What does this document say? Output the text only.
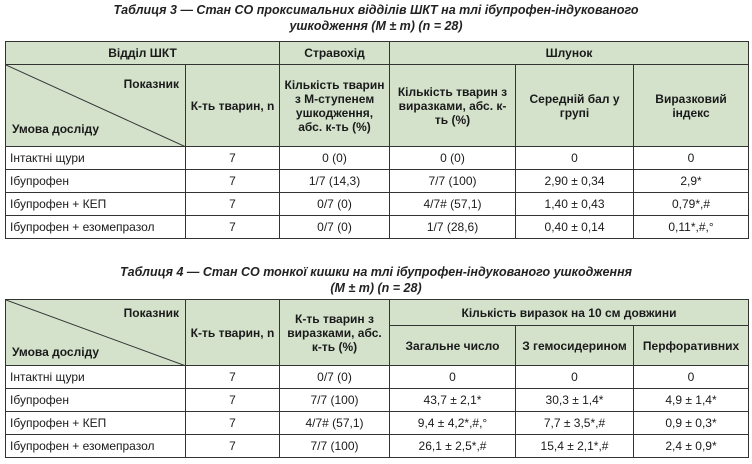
Таблиця 3 — Стан СО проксимальних відділів ШКТ на тлі ібупрофен-індукованого
ушкодження (M ± m) (n = 28)
Відділ ШКТ		Стравохід	Шлунок		

Показник
Умова досліду	К-ть тварин, n	Кількість тварин з М-ступенем ушкодження, абс. к-ть (%)	Кількість тварин з виразками, абс. к-ть (%)	Середній бал у групі	Виразковий індекс
Інтактні щури	7	0 (0)	0 (0)	0	0
Ібупрофен	7	1/7 (14,3)	7/7 (100)	2,90 ± 0,34	2,9*
Ібупрофен + КЕП	7	0/7 (0)	4/7# (57,1)	1,40 ± 0,43	0,79*,#
Ібупрофен + езомепразол	7	0/7 (0)	1/7 (28,6)	0,40 ± 0,14	0,11*,#,°
Таблиця 4 — Стан СО тонкої кишки на тлі ібупрофен-індукованого ушкодження
(M ± m) (n = 28)
Показник
Умова досліду	К-ть тварин, n	К-ть тварин з виразками, абс. к-ть (%)	Кількість виразок на 10 см довжини		
			Загальне число	З гемосидерином	Перфоративних
Інтактні щури	7	0/7 (0)	0	0	0
Ібупрофен	7	7/7 (100)	43,7 ± 2,1*	30,3 ± 1,4*	4,9 ± 1,4*
Ібупрофен + КЕП	7	4/7# (57,1)	9,4 ± 4,2*,#,°	7,7 ± 3,5*,#	0,9 ± 0,3*
Ібупрофен + езомепразол	7	7/7 (100)	26,1 ± 2,5*,#	15,4 ± 2,1*,#	2,4 ± 0,9*
